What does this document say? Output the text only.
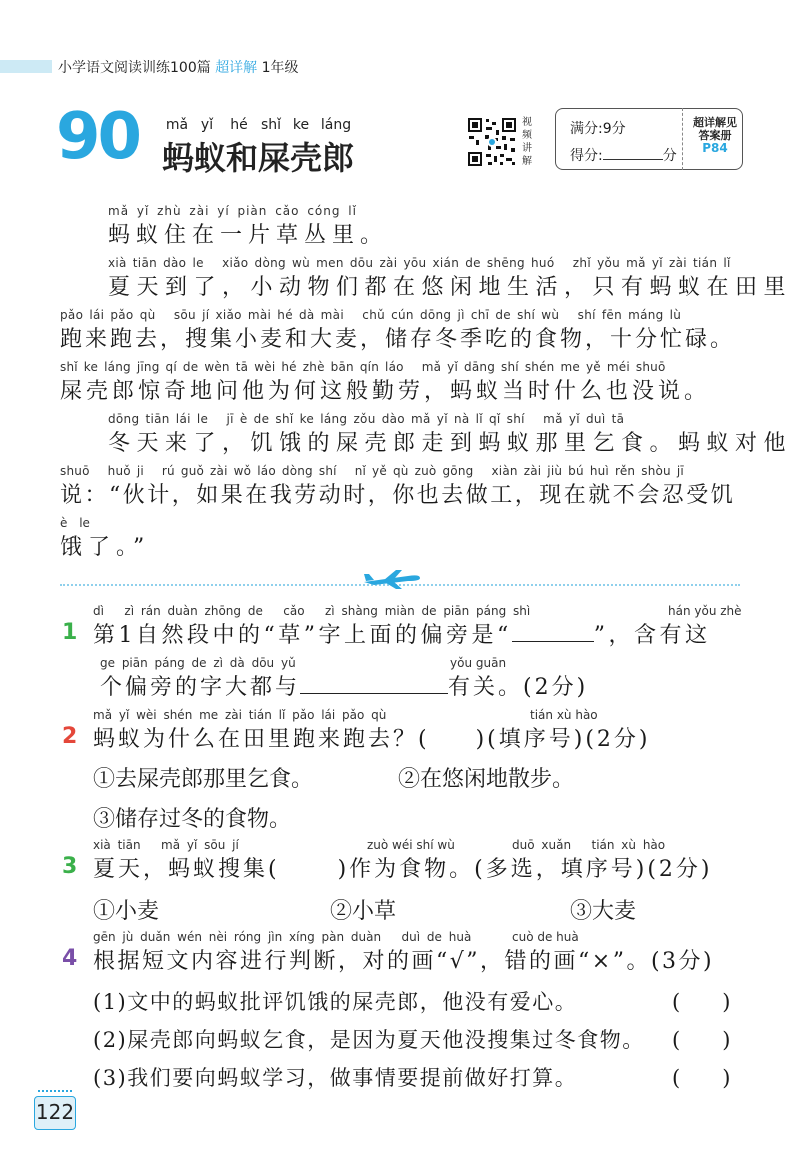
小学语文阅读训练100篇 超详解 1年级
90 mǎ yǐ hé shǐ ke láng
蚂蚁和屎壳郎
视频讲解
满分:9分
得分:	分
超详解见
答案册
P84
mǎ yǐ zhù zài yí piàn cǎo cóng lǐ
蚂蚁住在一片草丛里。
xià tiān dào le   xiǎo dòng wù men dōu zài yōu xián de shēng huó   zhǐ yǒu mǎ yǐ zài tián lǐ
夏天到了，小动物们都在悠闲地生活，只有蚂蚁在田里
pǎo lái pǎo qù   sōu jí xiǎo mài hé dà mài   chǔ cún dōng jì chī de shí wù   shí fēn máng lù
跑来跑去，搜集小麦和大麦，储存冬季吃的食物，十分忙碌。
shǐ ke láng jīng qí de wèn tā wèi hé zhè bān qín láo   mǎ yǐ dāng shí shén me yě méi shuō
屎壳郎惊奇地问他为何这般勤劳，蚂蚁当时什么也没说。
dōng tiān lái le   jī è de shǐ ke láng zǒu dào mǎ yǐ nà lǐ qǐ shí   mǎ yǐ duì tā
冬天来了，饥饿的屎壳郎走到蚂蚁那里乞食。蚂蚁对他
shuō   huǒ ji   rú guǒ zài wǒ láo dòng shí   nǐ yě qù zuò gōng   xiàn zài jiù bú huì rěn shòu jī
说：“伙计，如果在我劳动时，你也去做工，现在就不会忍受饥
è le
饿了。”
1
dì   zì rán duàn zhōng de   cǎo   zì shàng miàn de piān páng shì
第1自然段中的“草”字上面的偏旁是“	”，含有这
hán yǒu zhè
ge piān páng de zì dà dōu yǔ
个偏旁的字大都与	有关。(2分)
yǒu guān
2
mǎ yǐ wèi shén me zài tián lǐ pǎo lái pǎo qù
蚂蚁为什么在田里跑来跑去？( )(填序号)(2分)
tián xù hào
①去屎壳郎那里乞食。	②在悠闲地散步。
③储存过冬的食物。
3
xià tiān   mǎ yǐ sōu jí
夏天，蚂蚁搜集(	)作为食物。(多选，填序号)(2分)
zuò wéi shí wù	duō xuǎn   tián xù hào
①小麦	②小草	③大麦
4
gēn jù duǎn wén nèi róng jìn xíng pàn duàn   duì de huà
根据短文内容进行判断，对的画“√”，错的画“×”。(3分)
cuò de huà
(1)文中的蚂蚁批评饥饿的屎壳郎，他没有爱心。	(　　)
(2)屎壳郎向蚂蚁乞食，是因为夏天他没搜集过冬食物。 (　　)
(3)我们要向蚂蚁学习，做事情要提前做好打算。	(　　)
122
